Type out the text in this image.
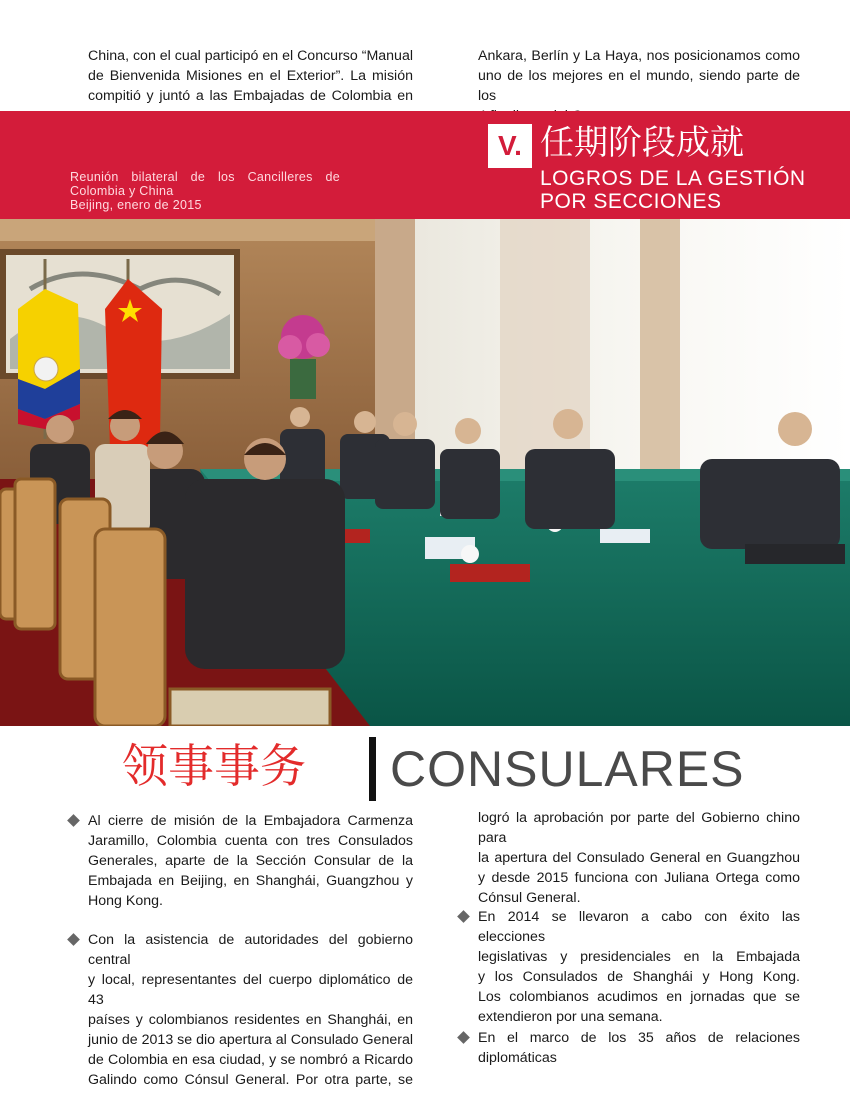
China, con el cual participó en el Concurso “Manual
de Bienvenida Misiones en el Exterior”. La misión
compitió y juntó a las Embajadas de Colombia en
Ankara, Berlín y La Haya, nos posicionamos como
uno de los mejores en el mundo, siendo parte de los
Reunión bilateral de los Cancilleres de
Colombia y China
Beijing, enero de 2015
V. 任期阶段成就
LOGROS DE LA GESTIÓN
POR SECCIONES
领事事务 CONSULARES
Al cierre de misión de la Embajadora Carmenza
Jaramillo, Colombia cuenta con tres Consulados
Generales, aparte de la Sección Consular de la
Embajada en Beijing, en Shanghái, Guangzhou y
Hong Kong.
Con la asistencia de autoridades del gobierno central
y local, representantes del cuerpo diplomático de 43
países y colombianos residentes en Shanghái, en
junio de 2013 se dio apertura al Consulado General
de Colombia en esa ciudad, y se nombró a Ricardo
Galindo como Cónsul General. Por otra parte, se
logró la aprobación por parte del Gobierno chino para
la apertura del Consulado General en Guangzhou
y desde 2015 funciona con Juliana Ortega como
Cónsul General.
En 2014 se llevaron a cabo con éxito las elecciones
legislativas y presidenciales en la Embajada
y los Consulados de Shanghái y Hong Kong.
Los colombianos acudimos en jornadas que se
extendieron por una semana.
En el marco de los 35 años de relaciones diplomáticas
